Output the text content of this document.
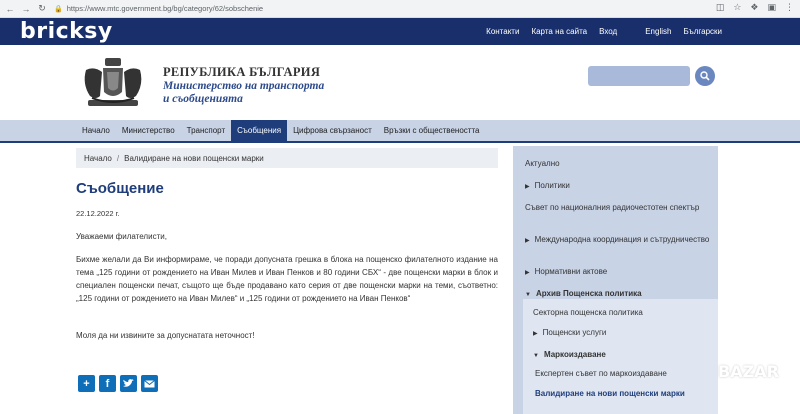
← → ↻	🔒 https://www.mtc.government.bg/bg/category/62/sobschenie	◫ ☆ ❖ ▣ ⋮
bricksy	Контакти Карта на сайта Вход	English Български
РЕПУБЛИКА БЪЛГАРИЯ
Министерство на транспорта
и съобщенията
Начало	Министерство	Транспорт	Съобщения	Цифрова свързаност	Връзки с обществеността
Начало / Валидиране на нови пощенски марки
Съобщение
22.12.2022 г.

Уважаеми филателисти,

Бихме желали да Ви информираме, че поради допусната грешка в блока на пощенско филателното издание на тема „125 години от рождението на Иван Милев и Иван Пенков и 80 години СБХ“ - две пощенски марки в блок и специален пощенски печат, същото ще бъде продавано като серия от две пощенски марки на теми, съответно: „125 години от рождението на Иван Милев“ и „125 години от рождението на Иван Пенков“

Моля да ни извините за допуснатата неточност!

+	f
Актуално
▶ Политики
Съвет по националния радиочестотен спектър
▶ Международна координация и сътрудничество
▶ Нормативни актове
▼ Архив Пощенска политика
Секторна пощенска политика
▶ Пощенски услуги
▼ Маркоиздаване
Експертен съвет по маркоиздаване
Валидиране на нови пощенски марки
BAZAR
